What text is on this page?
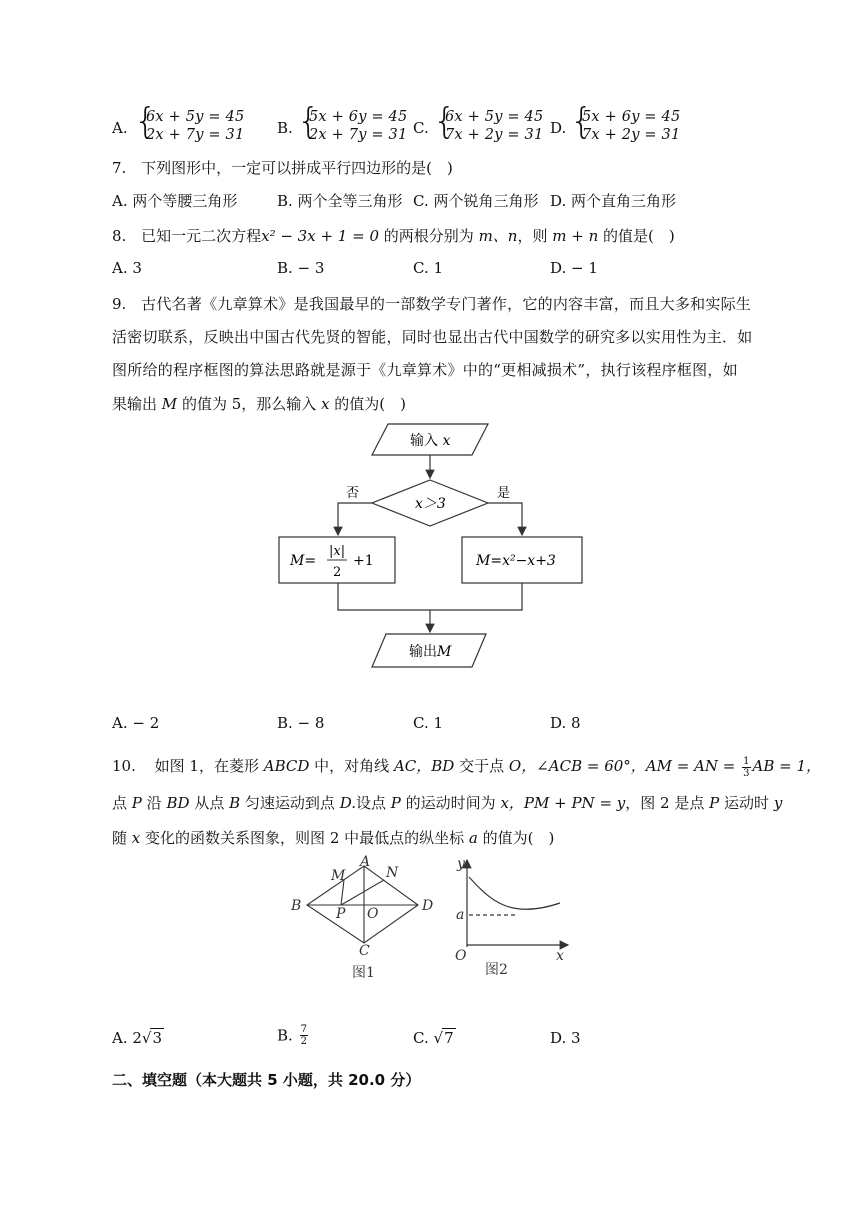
A. {
6x + 5y = 45
2x + 7y = 31 B. {
5x + 6y = 45
2x + 7y = 31 C. {
6x + 5y = 45
7x + 2y = 31 D. {
5x + 6y = 45
7x + 2y = 31
7. 下列图形中，一定可以拼成平行四边形的是(　)
A. 两个等腰三角形	B. 两个全等三角形 C. 两个锐角三角形 D. 两个直角三角形
8. 已知一元二次方程x² − 3x + 1 = 0 的两根分别为 m、n，则 m + n 的值是(　)
A. 3	B. − 3	C. 1	D. − 1
9. 古代名著《九章算术》是我国最早的一部数学专门著作，它的内容丰富，而且大多和实际生
活密切联系，反映出中国古代先贤的智能，同时也显出古代中国数学的研究多以实用性为主．如
图所给的程序框图的算法思路就是源于《九章算术》中的“更相减损术”，执行该程序框图，如
果输出 M 的值为 5，那么输入 x 的值为(　)
输入 x
x＞3
否	是
M=
|x|
2
+1	M=x²−x+3
输出M
A. − 2	B. − 8	C. 1	D. 8
10. 如图 1，在菱形 ABCD 中，对角线 AC，BD 交于点 O，∠ACB = 60°，AM = AN = $\frac{1}{3}$ AB = 1，
点 P 沿 BD 从点 B 匀速运动到点 D.设点 P 的运动时间为 x，PM + PN = y，图 2 是点 P 运动时 y
随 x 变化的函数关系图象，则图 2 中最低点的纵坐标 a 的值为(　)
A
B
C
D
M	N
O
P
图1
y
x
O
a
图2
A. 2√3	B. $\frac{7}{2}$	C. √7	D. 3
二、填空题（本大题共 5 小题，共 20.0 分）
